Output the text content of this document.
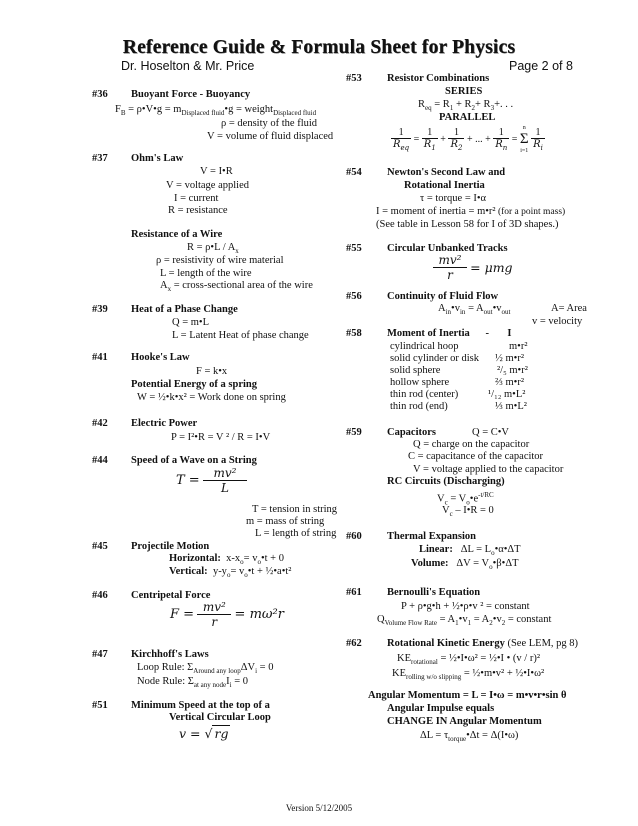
Reference Guide & Formula Sheet for Physics
Dr. Hoselton & Mr. Price	Page 2 of 8
#36 Buoyant Force - Buoyancy
$F_B$ = ρ•V•g = $m_{Displaced fluid}•g$ = weight$_{Displaced fluid}$
ρ = density of the fluid
V = volume of fluid displaced
#37 Ohm's Law
V = I•R
V = voltage applied
I = current
R = resistance
Resistance of a Wire
R = ρ•L / $A_x$
ρ = resistivity of wire material
L = length of the wire
$A_x$ = cross-sectional area of the wire
#39 Heat of a Phase Change
Q = m•L
L = Latent Heat of phase change
#41 Hooke's Law
F = k•x
Potential Energy of a spring
W = ½•k•x² = Work done on spring
#42 Electric Power
P = I²•R = V ² / R = I•V
#44 Speed of a Wave on a String
$T = \frac{\text{mv²}}{L}$
T = tension in string
m = mass of string
L = length of string
#45 Projectile Motion
Horizontal: $x-x_o=$ $v_o•t + 0$
Vertical: $y-y_o=$ $v_o•t$ + ½•a•t²
#46 Centripetal Force
$F = \frac{\text{mv²}}{r} = m\omega^2r$
#47 Kirchhoff's Laws
Loop Rule: $\Sigma_{Around any loop}\Delta V_i = 0$
Node Rule: $\Sigma_{at any node}I_i = 0$
#51 Minimum Speed at the top of a
Vertical Circular Loop
v = √ rg
#53 Resistor Combinations
SERIES
$R_{eq} = R_1 + R_2+ R_3+$. . .
PARALLEL
$\frac{1}{R_{eq}} = \frac{1}{R_1} + \frac{1}{R_2}$ + ... + $\frac{1}{R_n}$ =
n
Σ
i=1
$\frac{1}{R_i}$
#54 Newton's Second Law and
Rotational Inertia
τ = torque = I•α
I = moment of inertia = m•r² (for a point mass)
(See table in Lesson 58 for I of 3D shapes.)
#55 Circular Unbanked Tracks
$\frac{\text{mv²}}{r} = \mu mg$
#56 Continuity of Fluid Flow
$A_{in}•v_{in}$ = $A_{out}•v_{out}$	A= Area
v = velocity
#58 Moment of Inertia      -       I
cylindrical hoop	m•r²
solid cylinder or disk ½ m•r²
solid sphere	²/₅ m•r²
hollow sphere	⅔ m•r²
thin rod (center)	¹/₁₂ m•L²
thin rod (end)	⅓ m•L²
#59 Capacitors	Q = C•V
Q = charge on the capacitor
C = capacitance of the capacitor
V = voltage applied to the capacitor
RC Circuits (Discharging)
$V_c$ = $V_o•e^{-t/RC}$
$V_c$ – I•R = 0
#60 Thermal Expansion
Linear: $\Delta L = L_o•\alpha•\Delta T$
Volume: $\Delta V = V_o•\beta•\Delta T$
#61 Bernoulli's Equation
P + ρ•g•h + ½•ρ•v ² = constant
$Q_{Volume Flow Rate}$ = $A_1•v_1$ = $A_2•v_2$ = constant
#62 Rotational Kinetic Energy (See LEM, pg 8)
$KE_{rotational}$ = ½•I•ω² = ½•I • (v / r)²
$KE_{rolling w/o slipping}$ = ½•m•v² + ½•I•ω²
Angular Momentum = L = I•ω = m•v•r•sin θ
Angular Impulse equals
CHANGE IN Angular Momentum
$\Delta L = \tau_{torque}•\Delta t$ = Δ(I•ω)
Version 5/12/2005
